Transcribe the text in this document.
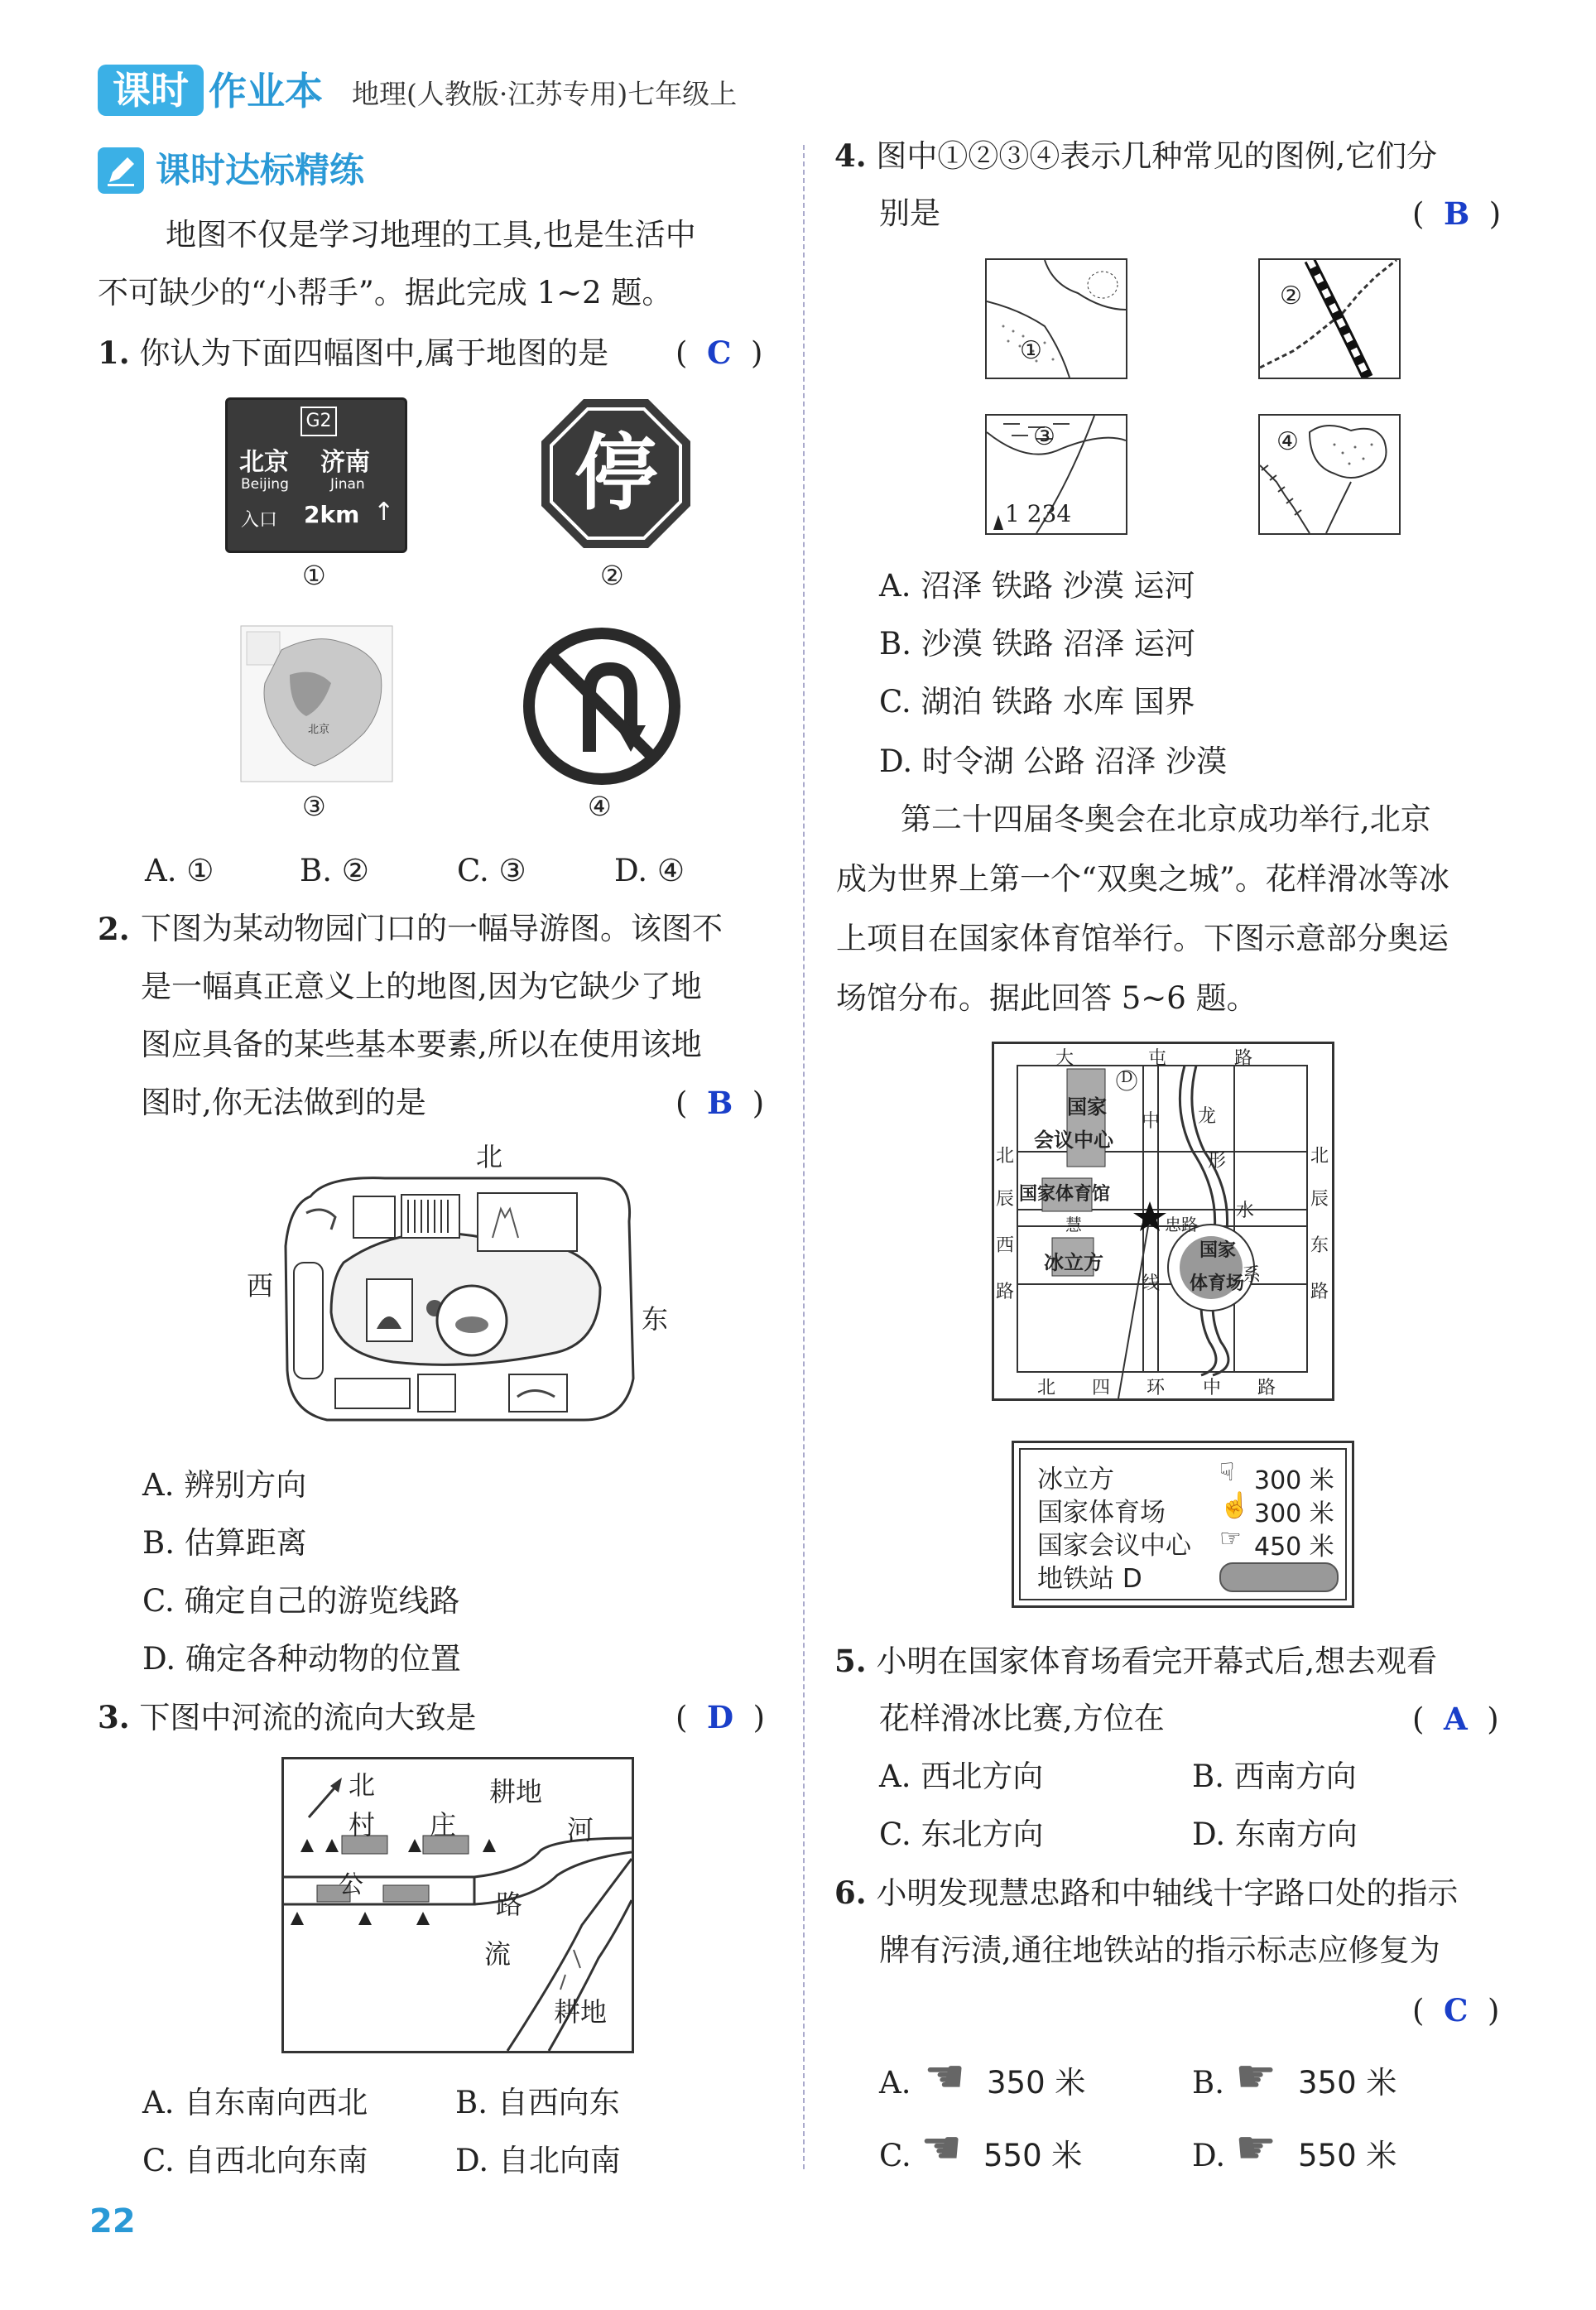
课时 作业本 地理(人教版·江苏专用)七年级上
课时达标精练
地图不仅是学习地理的工具,也是生活中
不可缺少的“小帮手”。据此完成 1~2 题。
1. 你认为下面四幅图中,属于地图的是 (  C  )
G2
北京 济南
Beijing	Jinan
入口 2km ↑
①
停
②
北京
③	④
A. ①	B. ②	C. ③	D. ④
2. 下图为某动物园门口的一幅导游图。该图不
是一幅真正意义上的地图,因为它缺少了地
图应具备的某些基本要素,所以在使用该地
图时,你无法做到的是	(  B  )
北
西
东
A. 辨别方向
B. 估算距离
C. 确定自己的游览线路
D. 确定各种动物的位置
3. 下图中河流的流向大致是	(  D  )
北	耕地
村 庄	河
公
路
流
耕地
A. 自东南向西北	B. 自西向东
C. 自西北向东南	D. 自北向南
4. 图中①②③④表示几种常见的图例,它们分
别是	(  B  )
①
②
③
1 234
④
A. 沼泽 铁路 沙漠 运河
B. 沙漠 铁路 沼泽 运河
C. 湖泊 铁路 水库 国界
D. 时令湖 公路 沼泽 沙漠
第二十四届冬奥会在北京成功举行,北京
成为世界上第一个“双奥之城”。花样滑冰等冰
上项目在国家体育馆举行。下图示意部分奥运
场馆分布。据此回答 5~6 题。
大	屯	路
北 四 环 中 路
北
辰
西
路
北
辰
东
路
国家
会议中心
D
国家体育馆
慧	忠路
冰立方	国家
体育场
中
线
龙
形
水
系
冰立方	☟ 300 米
国家体育场 ☝ 300 米
国家会议中心 ☞ 450 米
地铁站 D
5. 小明在国家体育场看完开幕式后,想去观看
花样滑冰比赛,方位在	(  A  )
A. 西北方向	B. 西南方向
C. 东北方向	D. 东南方向
6. 小明发现慧忠路和中轴线十字路口处的指示
牌有污渍,通往地铁站的指示标志应修复为
(  C  )
A. ☚ 350 米	B. ☛ 350 米
C. ☚ 550 米	D. ☛ 550 米
22
